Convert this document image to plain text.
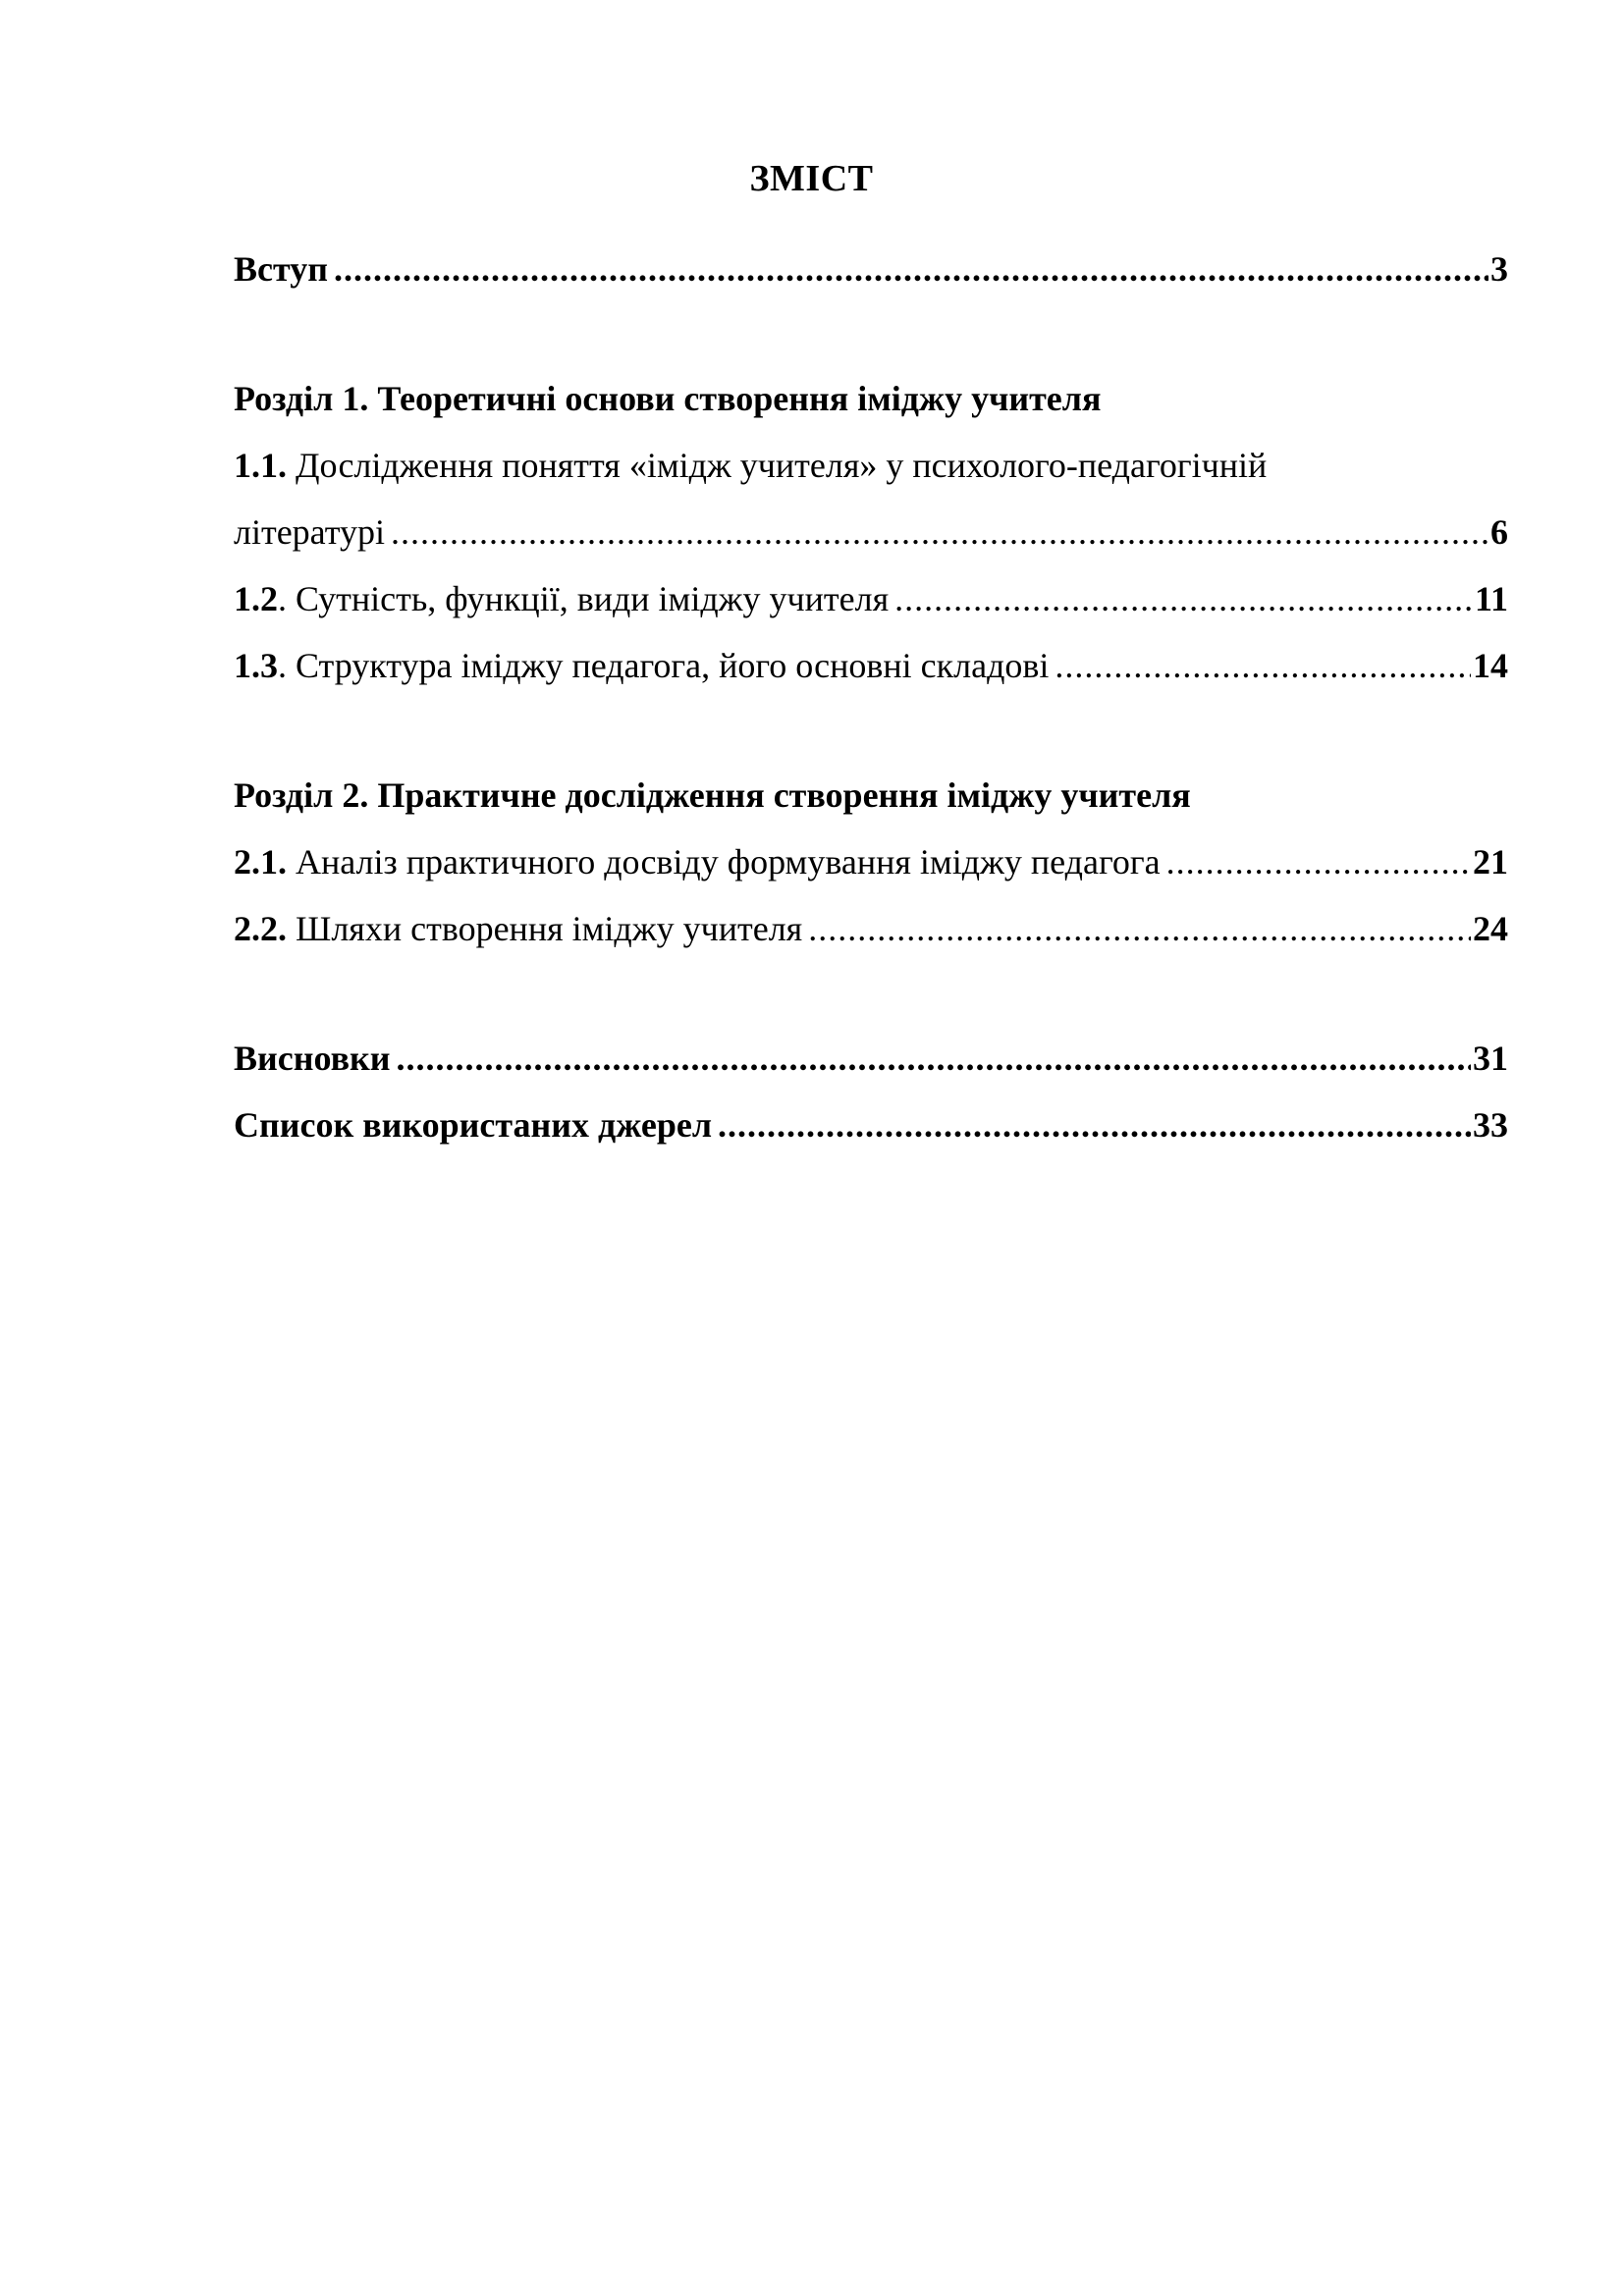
ЗМІСТ
Вступ .....	3
Розділ 1. Теоретичні основи створення іміджу учителя
1.1. Дослідження поняття «імідж учителя» у психолого-педагогічній
літературі .....	6
1.2. Сутність, функції, види іміджу учителя .....	11
1.3. Структура іміджу педагога, його основні складові .....	14
Розділ 2. Практичне дослідження створення іміджу учителя
2.1. Аналіз практичного досвіду формування іміджу педагога .....	21
2.2. Шляхи створення іміджу учителя .....	24
Висновки .....	31
Список використаних джерел .....	33
